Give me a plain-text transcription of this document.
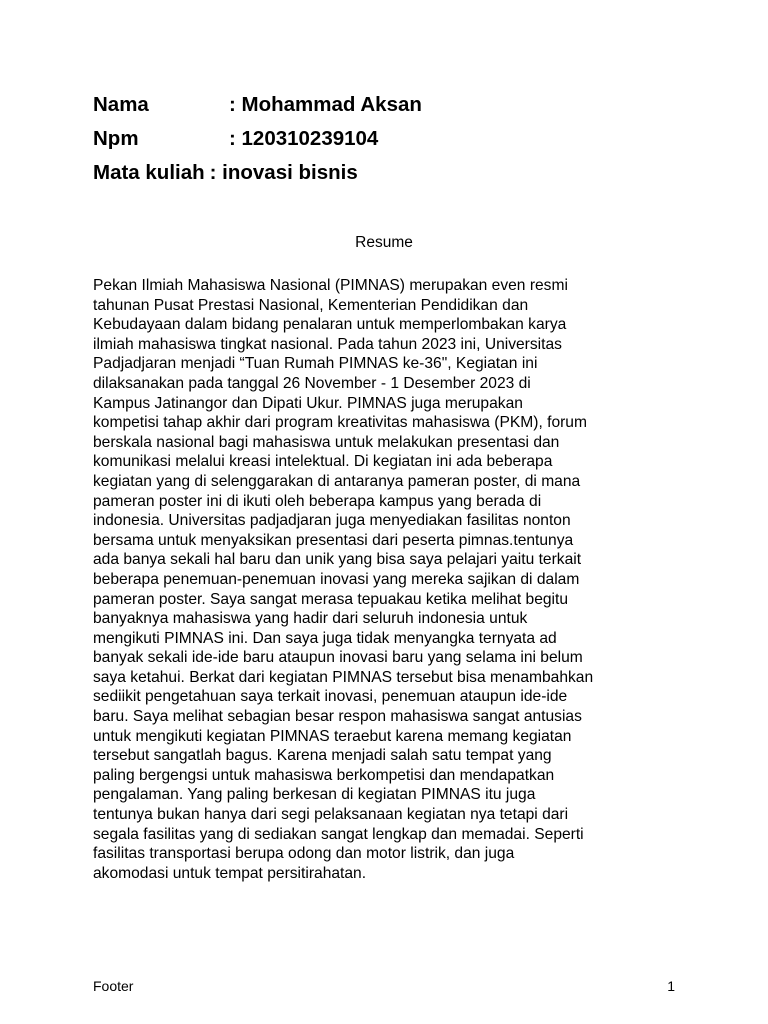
Nama	: Mohammad Aksan
Npm	: 120310239104
Mata kuliah : inovasi bisnis
Resume
Pekan Ilmiah Mahasiswa Nasional (PIMNAS) merupakan even resmi
tahunan Pusat Prestasi Nasional, Kementerian Pendidikan dan
Kebudayaan dalam bidang penalaran untuk memperlombakan karya
ilmiah mahasiswa tingkat nasional. Pada tahun 2023 ini, Universitas
Padjadjaran menjadi “Tuan Rumah PIMNAS ke-36", Kegiatan ini
dilaksanakan pada tanggal 26 November - 1 Desember 2023 di
Kampus Jatinangor dan Dipati Ukur. PIMNAS juga merupakan
kompetisi tahap akhir dari program kreativitas mahasiswa (PKM), forum
berskala nasional bagi mahasiswa untuk melakukan presentasi dan
komunikasi melalui kreasi intelektual. Di kegiatan ini ada beberapa
kegiatan yang di selenggarakan di antaranya pameran poster, di mana
pameran poster ini di ikuti oleh beberapa kampus yang berada di
indonesia. Universitas padjadjaran juga menyediakan fasilitas nonton
bersama untuk menyaksikan presentasi dari peserta pimnas.tentunya
ada banya sekali hal baru dan unik yang bisa saya pelajari yaitu terkait
beberapa penemuan-penemuan inovasi yang mereka sajikan di dalam
pameran poster. Saya sangat merasa tepuakau ketika melihat begitu
banyaknya mahasiswa yang hadir dari seluruh indonesia untuk
mengikuti PIMNAS ini. Dan saya juga tidak menyangka ternyata ad
banyak sekali ide-ide baru ataupun inovasi baru yang selama ini belum
saya ketahui. Berkat dari kegiatan PIMNAS tersebut bisa menambahkan
sediikit pengetahuan saya terkait inovasi, penemuan ataupun ide-ide
baru. Saya melihat sebagian besar respon mahasiswa sangat antusias
untuk mengikuti kegiatan PIMNAS teraebut karena memang kegiatan
tersebut sangatlah bagus. Karena menjadi salah satu tempat yang
paling bergengsi untuk mahasiswa berkompetisi dan mendapatkan
pengalaman. Yang paling berkesan di kegiatan PIMNAS itu juga
tentunya bukan hanya dari segi pelaksanaan kegiatan nya tetapi dari
segala fasilitas yang di sediakan sangat lengkap dan memadai. Seperti
fasilitas transportasi berupa odong dan motor listrik, dan juga
akomodasi untuk tempat persitirahatan.
Footer	1
